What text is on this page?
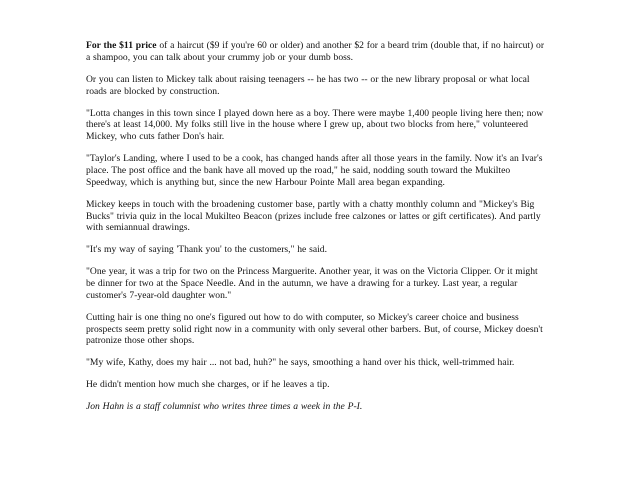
For the $11 price of a haircut ($9 if you're 60 or older) and another $2 for a beard trim (double that, if no haircut) or a shampoo, you can talk about your crummy job or your dumb boss.

Or you can listen to Mickey talk about raising teenagers -- he has two -- or the new library proposal or what local roads are blocked by construction.

"Lotta changes in this town since I played down here as a boy. There were maybe 1,400 people living here then; now there's at least 14,000. My folks still live in the house where I grew up, about two blocks from here," volunteered Mickey, who cuts father Don's hair.

"Taylor's Landing, where I used to be a cook, has changed hands after all those years in the family. Now it's an Ivar's place. The post office and the bank have all moved up the road," he said, nodding south toward the Mukilteo Speedway, which is anything but, since the new Harbour Pointe Mall area began expanding.

Mickey keeps in touch with the broadening customer base, partly with a chatty monthly column and "Mickey's Big Bucks" trivia quiz in the local Mukilteo Beacon (prizes include free calzones or lattes or gift certificates). And partly with semiannual drawings.

"It's my way of saying 'Thank you' to the customers," he said.

"One year, it was a trip for two on the Princess Marguerite. Another year, it was on the Victoria Clipper. Or it might be dinner for two at the Space Needle. And in the autumn, we have a drawing for a turkey. Last year, a regular customer's 7-year-old daughter won."

Cutting hair is one thing no one's figured out how to do with computer, so Mickey's career choice and business prospects seem pretty solid right now in a community with only several other barbers. But, of course, Mickey doesn't patronize those other shops.

"My wife, Kathy, does my hair ... not bad, huh?" he says, smoothing a hand over his thick, well-trimmed hair.

He didn't mention how much she charges, or if he leaves a tip.

Jon Hahn is a staff columnist who writes three times a week in the P-I.
